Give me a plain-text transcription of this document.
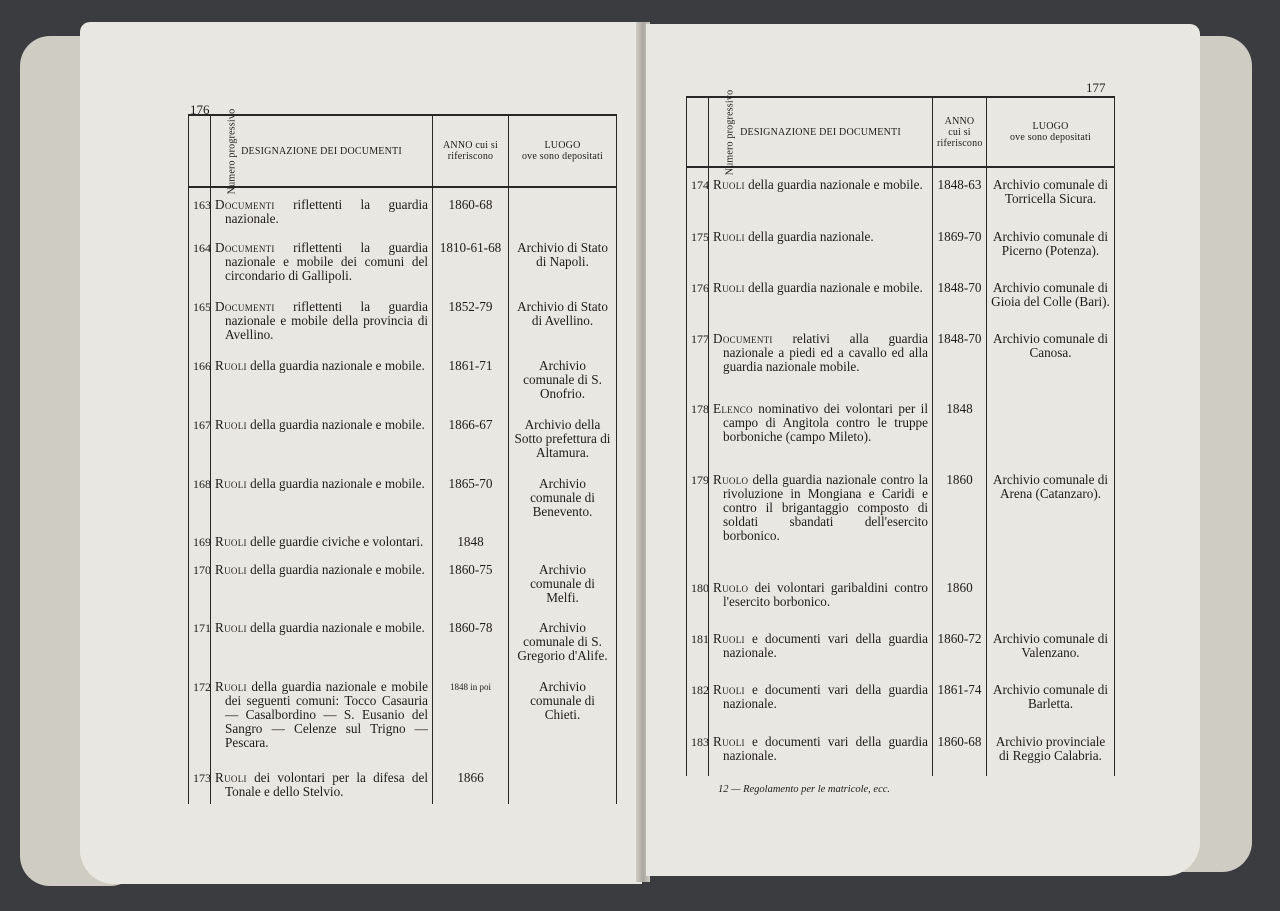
176 Numero progressivo	DESIGNAZIONE DEI DOCUMENTI	ANNO cui si riferiscono	LUOGO
ove sono depositati

163	Documenti riflettenti la guardia nazionale.	1860-68	
164	Documenti riflettenti la guardia nazionale e mobile dei comuni del circondario di Gallipoli.	1810-61-68	Archivio di Stato di Napoli.
165	Documenti riflettenti la guardia nazionale e mobile della provincia di Avellino.	1852-79	Archivio di Stato di Avellino.
166	Ruoli della guardia nazionale e mobile.	1861-71	Archivio comunale di S. Onofrio.
167	Ruoli della guardia nazionale e mobile.	1866-67	Archivio della Sotto prefettura di Altamura.
168	Ruoli della guardia nazionale e mobile.	1865-70	Archivio comunale di Benevento.
169	Ruoli delle guardie civiche e volontari.	1848	
170	Ruoli della guardia nazionale e mobile.	1860-75	Archivio comunale di Melfi.
171	Ruoli della guardia nazionale e mobile.	1860-78	Archivio comunale di S. Gregorio d'Alife.
172	Ruoli della guardia nazionale e mobile dei seguenti comuni: Tocco Casauria — Casalbordino — S. Eusanio del Sangro — Celenze sul Trigno — Pescara.	1848 in poi	Archivio comunale di Chieti.
173	Ruoli dei volontari per la difesa del Tonale e dello Stelvio.	1866	
177
Numero progressivo	DESIGNAZIONE DEI DOCUMENTI	ANNO cui si riferiscono	LUOGO
ove sono depositati

174	Ruoli della guardia nazionale e mobile.	1848-63	Archivio comunale di Torricella Sicura.
175	Ruoli della guardia nazionale.	1869-70	Archivio comunale di Picerno (Potenza).
176	Ruoli della guardia nazionale e mobile.	1848-70	Archivio comunale di Gioia del Colle (Bari).
177	Documenti relativi alla guardia nazionale a piedi ed a cavallo ed alla guardia nazionale mobile.	1848-70	Archivio comunale di Canosa.
178	Elenco nominativo dei volontari per il campo di Angitola contro le truppe borboniche (campo Mileto).	1848	
179	Ruolo della guardia nazionale contro la rivoluzione in Mongiana e Caridi e contro il brigantaggio composto di soldati sbandati dell'esercito borbonico.	1860	Archivio comunale di Arena (Catanzaro).
180	Ruolo dei volontari garibaldini contro l'esercito borbonico.	1860	
181	Ruoli e documenti vari della guardia nazionale.	1860-72	Archivio comunale di Valenzano.
182	Ruoli e documenti vari della guardia nazionale.	1861-74	Archivio comunale di Barletta.
183	Ruoli e documenti vari della guardia nazionale.	1860-68	Archivio provinciale di Reggio Calabria.
12 — Regolamento per le matricole, ecc.
